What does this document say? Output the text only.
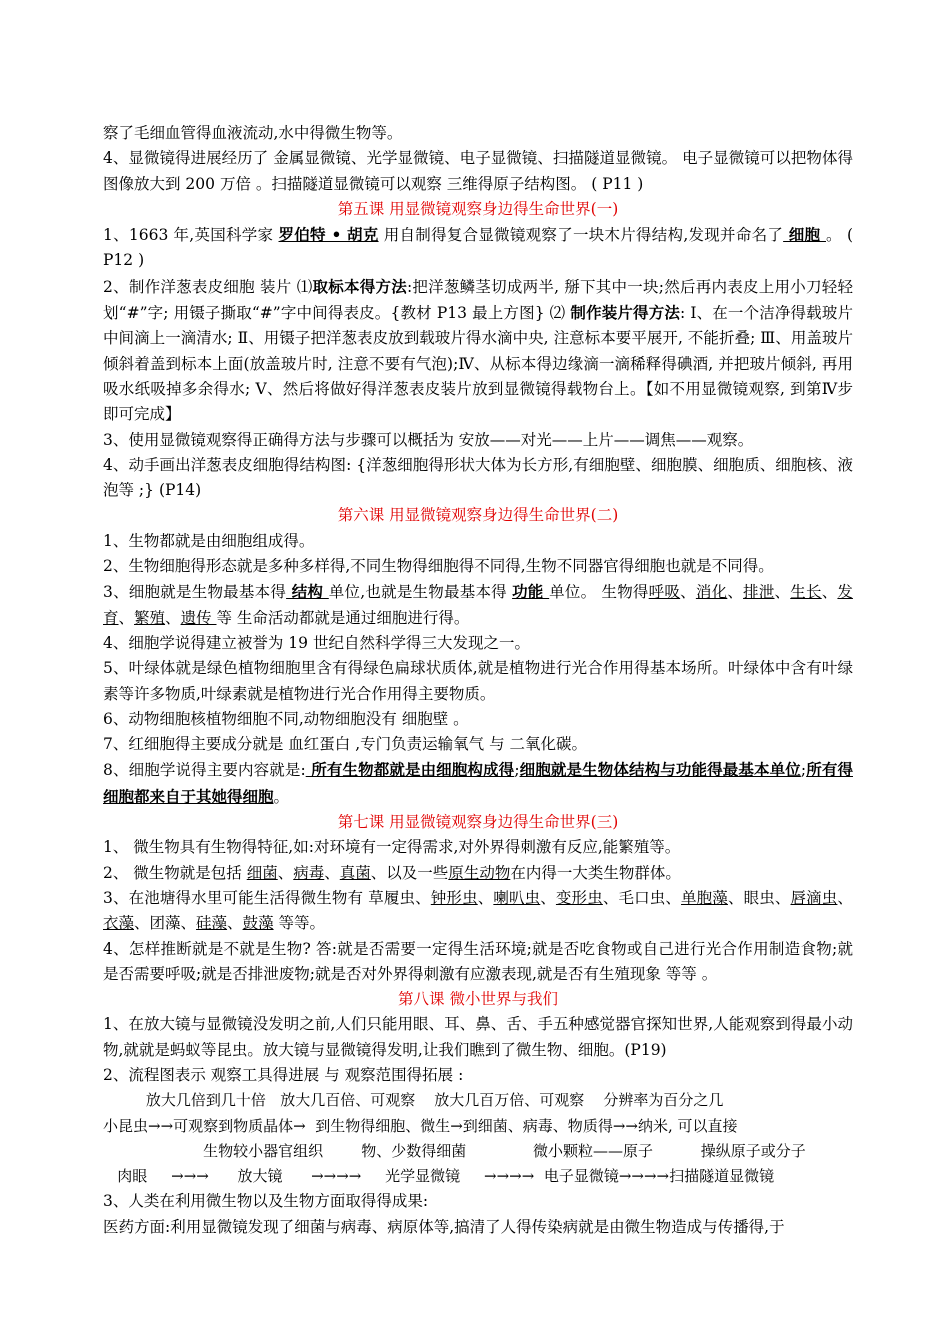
察了毛细血管得血液流动,水中得微生物等。

4、显微镜得进展经历了 金属显微镜、光学显微镜、电子显微镜、扫描隧道显微镜。 电子显微镜可以把物体得图像放大到 200 万倍 。扫描隧道显微镜可以观察 三维得原子结构图。 ( P11 )

第五课 用显微镜观察身边得生命世界(一)

1、1663 年,英国科学家 罗伯特 • 胡克 用自制得复合显微镜观察了一块木片得结构,发现并命名了 细胞 。 ( P12 )

2、制作洋葱表皮细胞 装片 ⑴取标本得方法:把洋葱鳞茎切成两半, 掰下其中一块;然后再内表皮上用小刀轻轻划“#”字; 用镊子撕取“#”字中间得表皮。{教材 P13 最上方图} ⑵ 制作装片得方法: Ⅰ、在一个洁净得载玻片中间滴上一滴清水; Ⅱ、用镊子把洋葱表皮放到载玻片得水滴中央, 注意标本要平展开, 不能折叠; Ⅲ、用盖玻片倾斜着盖到标本上面(放盖玻片时, 注意不要有气泡);Ⅳ、从标本得边缘滴一滴稀释得碘酒, 并把玻片倾斜, 再用吸水纸吸掉多余得水; Ⅴ、然后将做好得洋葱表皮装片放到显微镜得载物台上。【如不用显微镜观察, 到第Ⅳ步即可完成】

3、使用显微镜观察得正确得方法与步骤可以概括为 安放——对光——上片——调焦——观察。

4、动手画出洋葱表皮细胞得结构图: {洋葱细胞得形状大体为长方形,有细胞壁、细胞膜、细胞质、细胞核、液泡等 ;} (P14)

第六课 用显微镜观察身边得生命世界(二)

1、生物都就是由细胞组成得。

2、生物细胞得形态就是多种多样得,不同生物得细胞得不同得,生物不同器官得细胞也就是不同得。

3、细胞就是生物最基本得 结构 单位,也就是生物最基本得 功能 单位。 生物得呼吸、消化、排泄、生长、发育、繁殖、遗传 等 生命活动都就是通过细胞进行得。

4、细胞学说得建立被誉为 19 世纪自然科学得三大发现之一。

5、叶绿体就是绿色植物细胞里含有得绿色扁球状质体,就是植物进行光合作用得基本场所。叶绿体中含有叶绿素等许多物质,叶绿素就是植物进行光合作用得主要物质。

6、动物细胞核植物细胞不同,动物细胞没有 细胞壁 。

7、红细胞得主要成分就是 血红蛋白 ,专门负责运输氧气 与 二氧化碳。

8、细胞学说得主要内容就是: 所有生物都就是由细胞构成得;细胞就是生物体结构与功能得最基本单位;所有得细胞都来自于其她得细胞。

第七课 用显微镜观察身边得生命世界(三)

1、 微生物具有生物得特征,如:对环境有一定得需求,对外界得刺激有反应,能繁殖等。

2、 微生物就是包括 细菌、病毒、真菌、以及一些原生动物在内得一大类生物群体。

3、在池塘得水里可能生活得微生物有 草履虫、钟形虫、喇叭虫、变形虫、毛口虫、单胞藻、眼虫、唇滴虫、衣藻、团藻、硅藻、鼓藻 等等。

4、怎样推断就是不就是生物? 答:就是否需要一定得生活环境;就是否吃食物或自己进行光合作用制造食物;就是否需要呼吸;就是否排泄废物;就是否对外界得刺激有应激表现,就是否有生殖现象 等等 。

第八课 微小世界与我们

1、在放大镜与显微镜没发明之前,人们只能用眼、耳、鼻、舌、手五种感觉器官探知世界,人能观察到得最小动物,就就是蚂蚁等昆虫。放大镜与显微镜得发明,让我们瞧到了微生物、细胞。(P19)

2、流程图表示 观察工具得进展 与 观察范围得拓展 :

放大几倍到几十倍   放大几百倍、可观察    放大几百万倍、可观察    分辨率为百分之几

小昆虫→→可观察到物质晶体→  到生物得细胞、微生→到细菌、病毒、物质得→→纳米, 可以直接

生物较小器官组织        物、少数得细菌              微小颗粒——原子          操纵原子或分子

肉眼     →→→      放大镜      →→→→     光学显微镜     →→→→  电子显微镜→→→→扫描隧道显微镜

3、人类在利用微生物以及生物方面取得得成果:

医药方面:利用显微镜发现了细菌与病毒、病原体等,搞清了人得传染病就是由微生物造成与传播得,于
